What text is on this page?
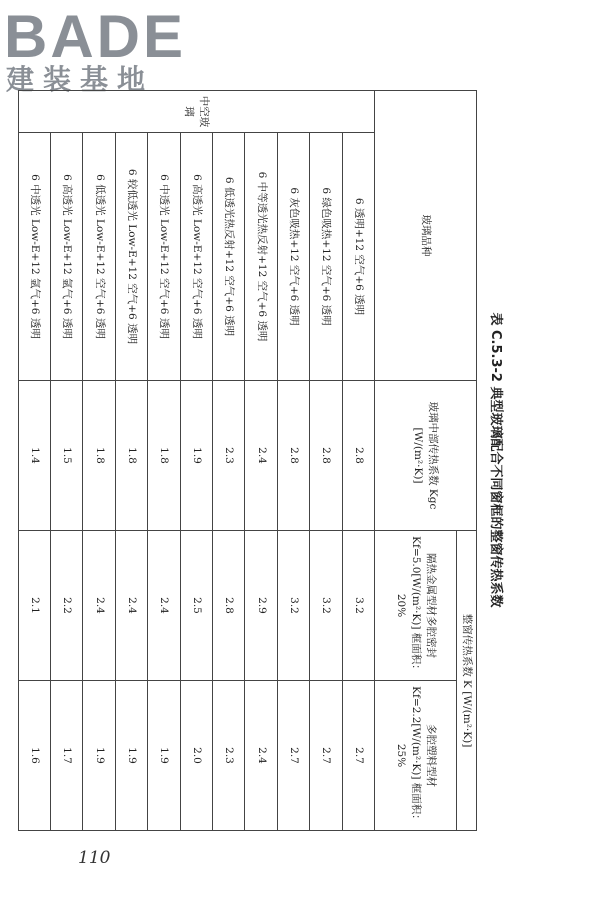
BADE
建装基地
表 C.5.3-2 典型玻璃配合不同窗框的整窗传热系数
玻璃品种		玻璃中部传热系数 Kgc [W/(m²·K)]	整窗传热系数 K [W/(m²·K)]	
			隔热金属型材多腔密封 Kf=5.0[W/(m²·K)] 框面积：20%	多腔塑料型材 Kf=2.2[W/(m²·K)] 框面积：25%
中空玻璃	6 透明+12 空气+6 透明	2.8	3.2	2.7
	6 绿色吸热+12 空气+6 透明	2.8	3.2	2.7
	6 灰色吸热+12 空气+6 透明	2.8	3.2	2.7
	6 中等透光热反射+12 空气+6 透明	2.4	2.9	2.4
	6 低透光热反射+12 空气+6 透明	2.3	2.8	2.3
	6 高透光 Low-E+12 空气+6 透明	1.9	2.5	2.0
	6 中透光 Low-E+12 空气+6 透明	1.8	2.4	1.9
	6 较低透光 Low-E+12 空气+6 透明	1.8	2.4	1.9
	6 低透光 Low-E+12 空气+6 透明	1.8	2.4	1.9
	6 高透光 Low-E+12 氩气+6 透明	1.5	2.2	1.7
	6 中透光 Low-E+12 氩气+6 透明	1.4	2.1	1.6
110
